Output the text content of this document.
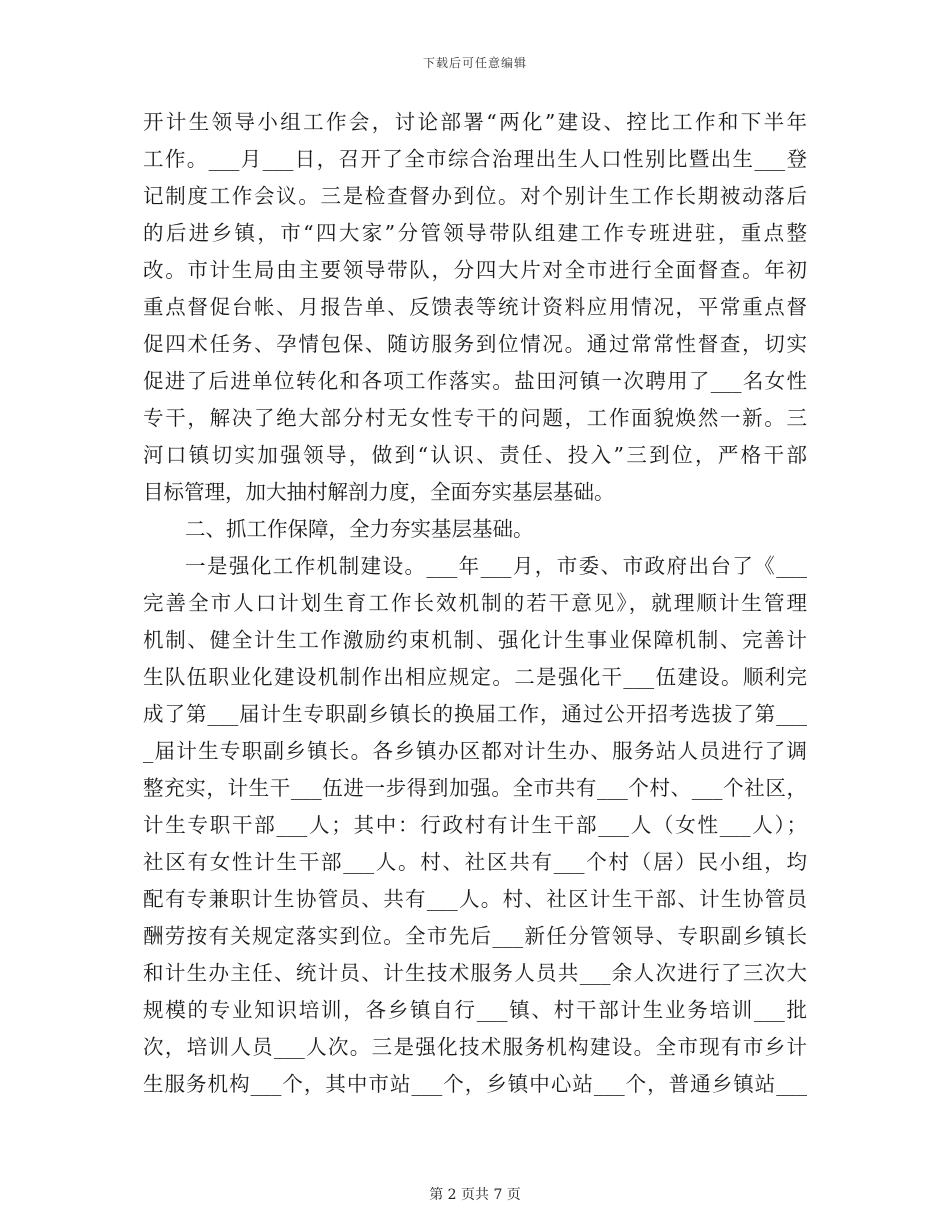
下载后可任意编辑
开计生领导小组工作会，讨论部署“两化”建设、控比工作和下半年
工作。___月___日，召开了全市综合治理出生人口性别比暨出生___登
记制度工作会议。三是检查督办到位。对个别计生工作长期被动落后
的后进乡镇，市“四大家”分管领导带队组建工作专班进驻，重点整
改。市计生局由主要领导带队，分四大片对全市进行全面督查。年初
重点督促台帐、月报告单、反馈表等统计资料应用情况，平常重点督
促四术任务、孕情包保、随访服务到位情况。通过常常性督查，切实
促进了后进单位转化和各项工作落实。盐田河镇一次聘用了___名女性
专干，解决了绝大部分村无女性专干的问题，工作面貌焕然一新。三
河口镇切实加强领导，做到“认识、责任、投入”三到位，严格干部
目标管理，加大抽村解剖力度，全面夯实基层基础。
二、抓工作保障，全力夯实基层基础。
一是强化工作机制建设。___年___月，市委、市政府出台了《___
完善全市人口计划生育工作长效机制的若干意见》，就理顺计生管理
机制、健全计生工作激励约束机制、强化计生事业保障机制、完善计
生队伍职业化建设机制作出相应规定。二是强化干___伍建设。顺利完
成了第___届计生专职副乡镇长的换届工作，通过公开招考选拔了第___
_届计生专职副乡镇长。各乡镇办区都对计生办、服务站人员进行了调
整充实，计生干___伍进一步得到加强。全市共有___个村、___个社区，
计生专职干部___人；其中：行政村有计生干部___人（女性___人）；
社区有女性计生干部___人。村、社区共有___个村（居）民小组，均
配有专兼职计生协管员、共有___人。村、社区计生干部、计生协管员
酬劳按有关规定落实到位。全市先后___新任分管领导、专职副乡镇长
和计生办主任、统计员、计生技术服务人员共___余人次进行了三次大
规模的专业知识培训，各乡镇自行___镇、村干部计生业务培训___批
次，培训人员___人次。三是强化技术服务机构建设。全市现有市乡计
生服务机构___个，其中市站___个，乡镇中心站___个，普通乡镇站___
第 2 页共 7 页
